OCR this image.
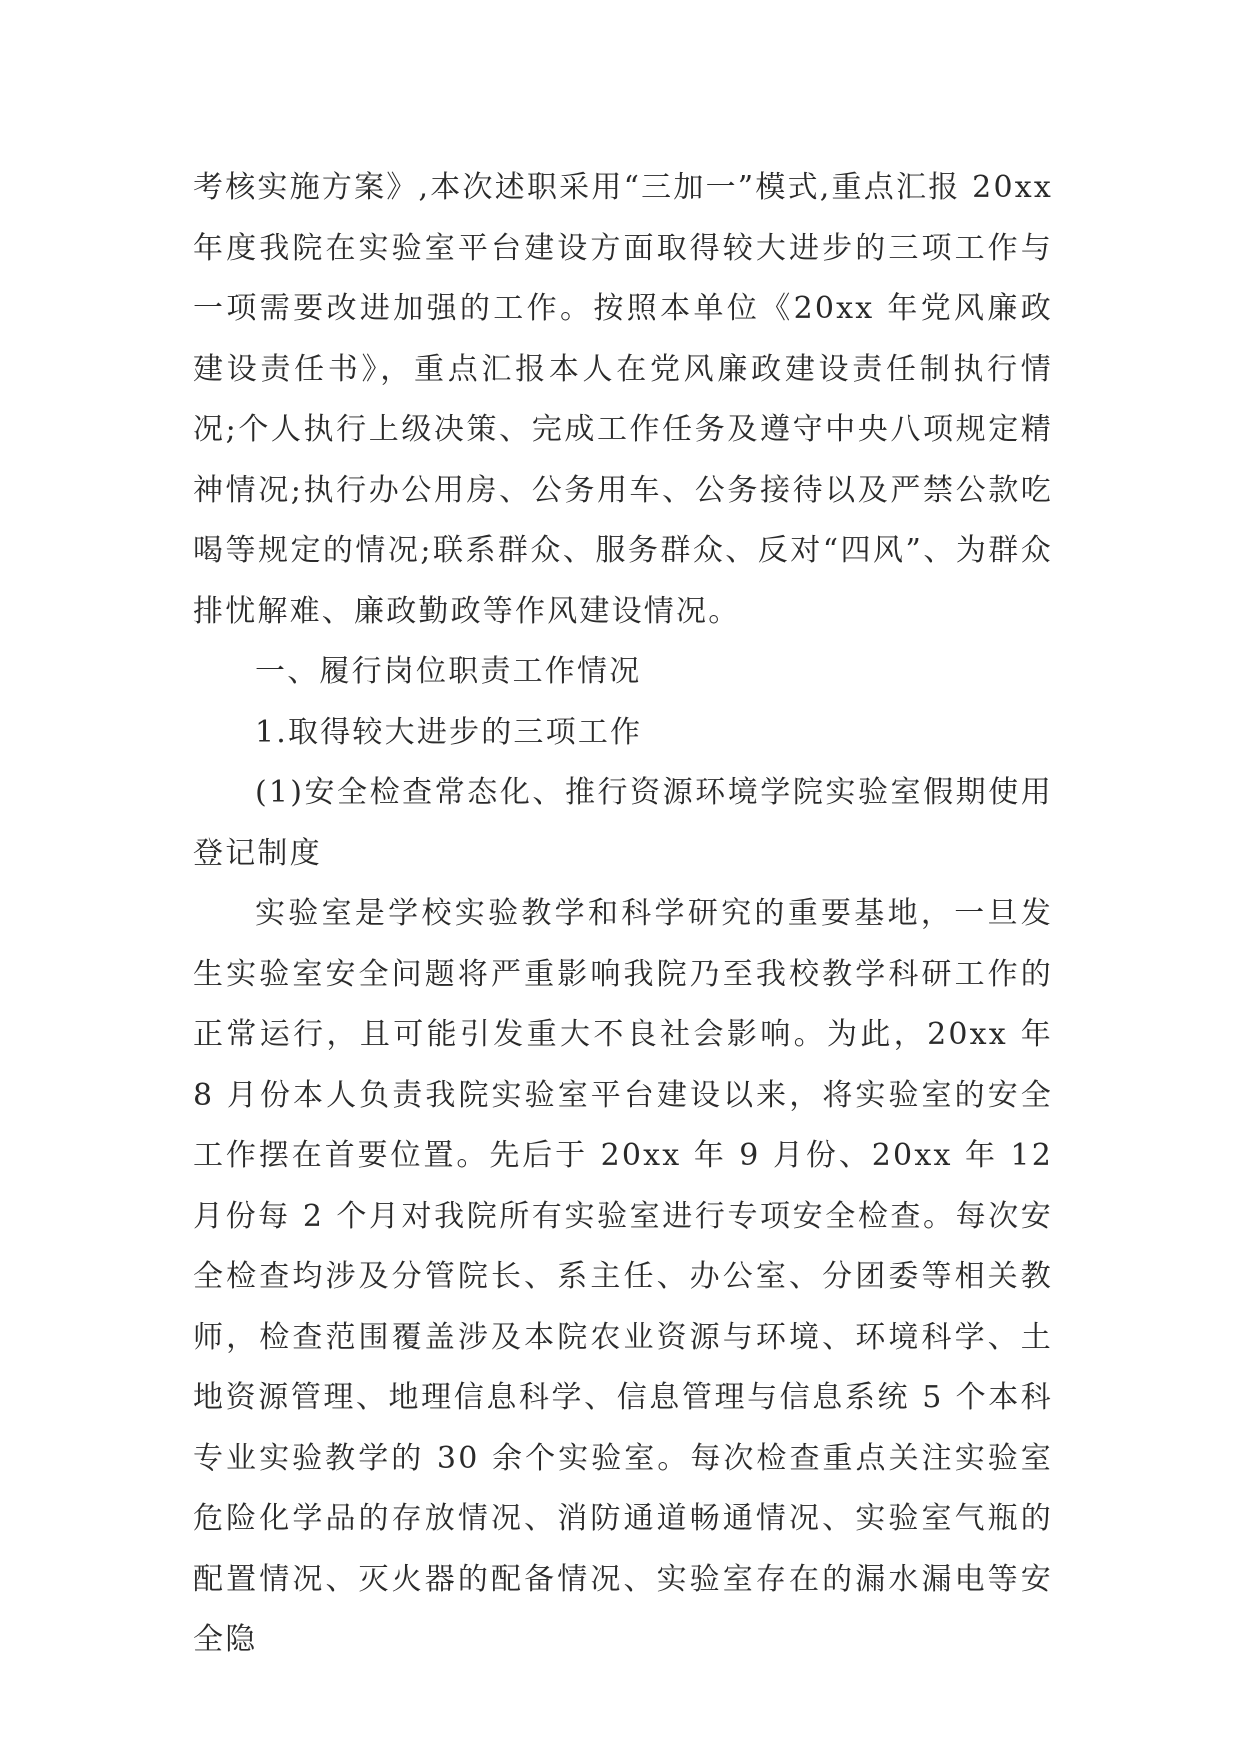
考核实施方案》,本次述职采用“三加一”模式,重点汇报 20xx 年度我院在实验室平台建设方面取得较大进步的三项工作与一项需要改进加强的工作。按照本单位《20xx 年党风廉政建设责任书》，重点汇报本人在党风廉政建设责任制执行情况;个人执行上级决策、完成工作任务及遵守中央八项规定精神情况;执行办公用房、公务用车、公务接待以及严禁公款吃喝等规定的情况;联系群众、服务群众、反对“四风”、为群众排忧解难、廉政勤政等作风建设情况。

一、履行岗位职责工作情况

1.取得较大进步的三项工作

(1)安全检查常态化、推行资源环境学院实验室假期使用登记制度

实验室是学校实验教学和科学研究的重要基地，一旦发生实验室安全问题将严重影响我院乃至我校教学科研工作的正常运行，且可能引发重大不良社会影响。为此，20xx 年 8 月份本人负责我院实验室平台建设以来，将实验室的安全工作摆在首要位置。先后于 20xx 年 9 月份、20xx 年 12 月份每 2 个月对我院所有实验室进行专项安全检查。每次安全检查均涉及分管院长、系主任、办公室、分团委等相关教师，检查范围覆盖涉及本院农业资源与环境、环境科学、土地资源管理、地理信息科学、信息管理与信息系统 5 个本科专业实验教学的 30 余个实验室。每次检查重点关注实验室危险化学品的存放情况、消防通道畅通情况、实验室气瓶的配置情况、灭火器的配备情况、实验室存在的漏水漏电等安全隐
